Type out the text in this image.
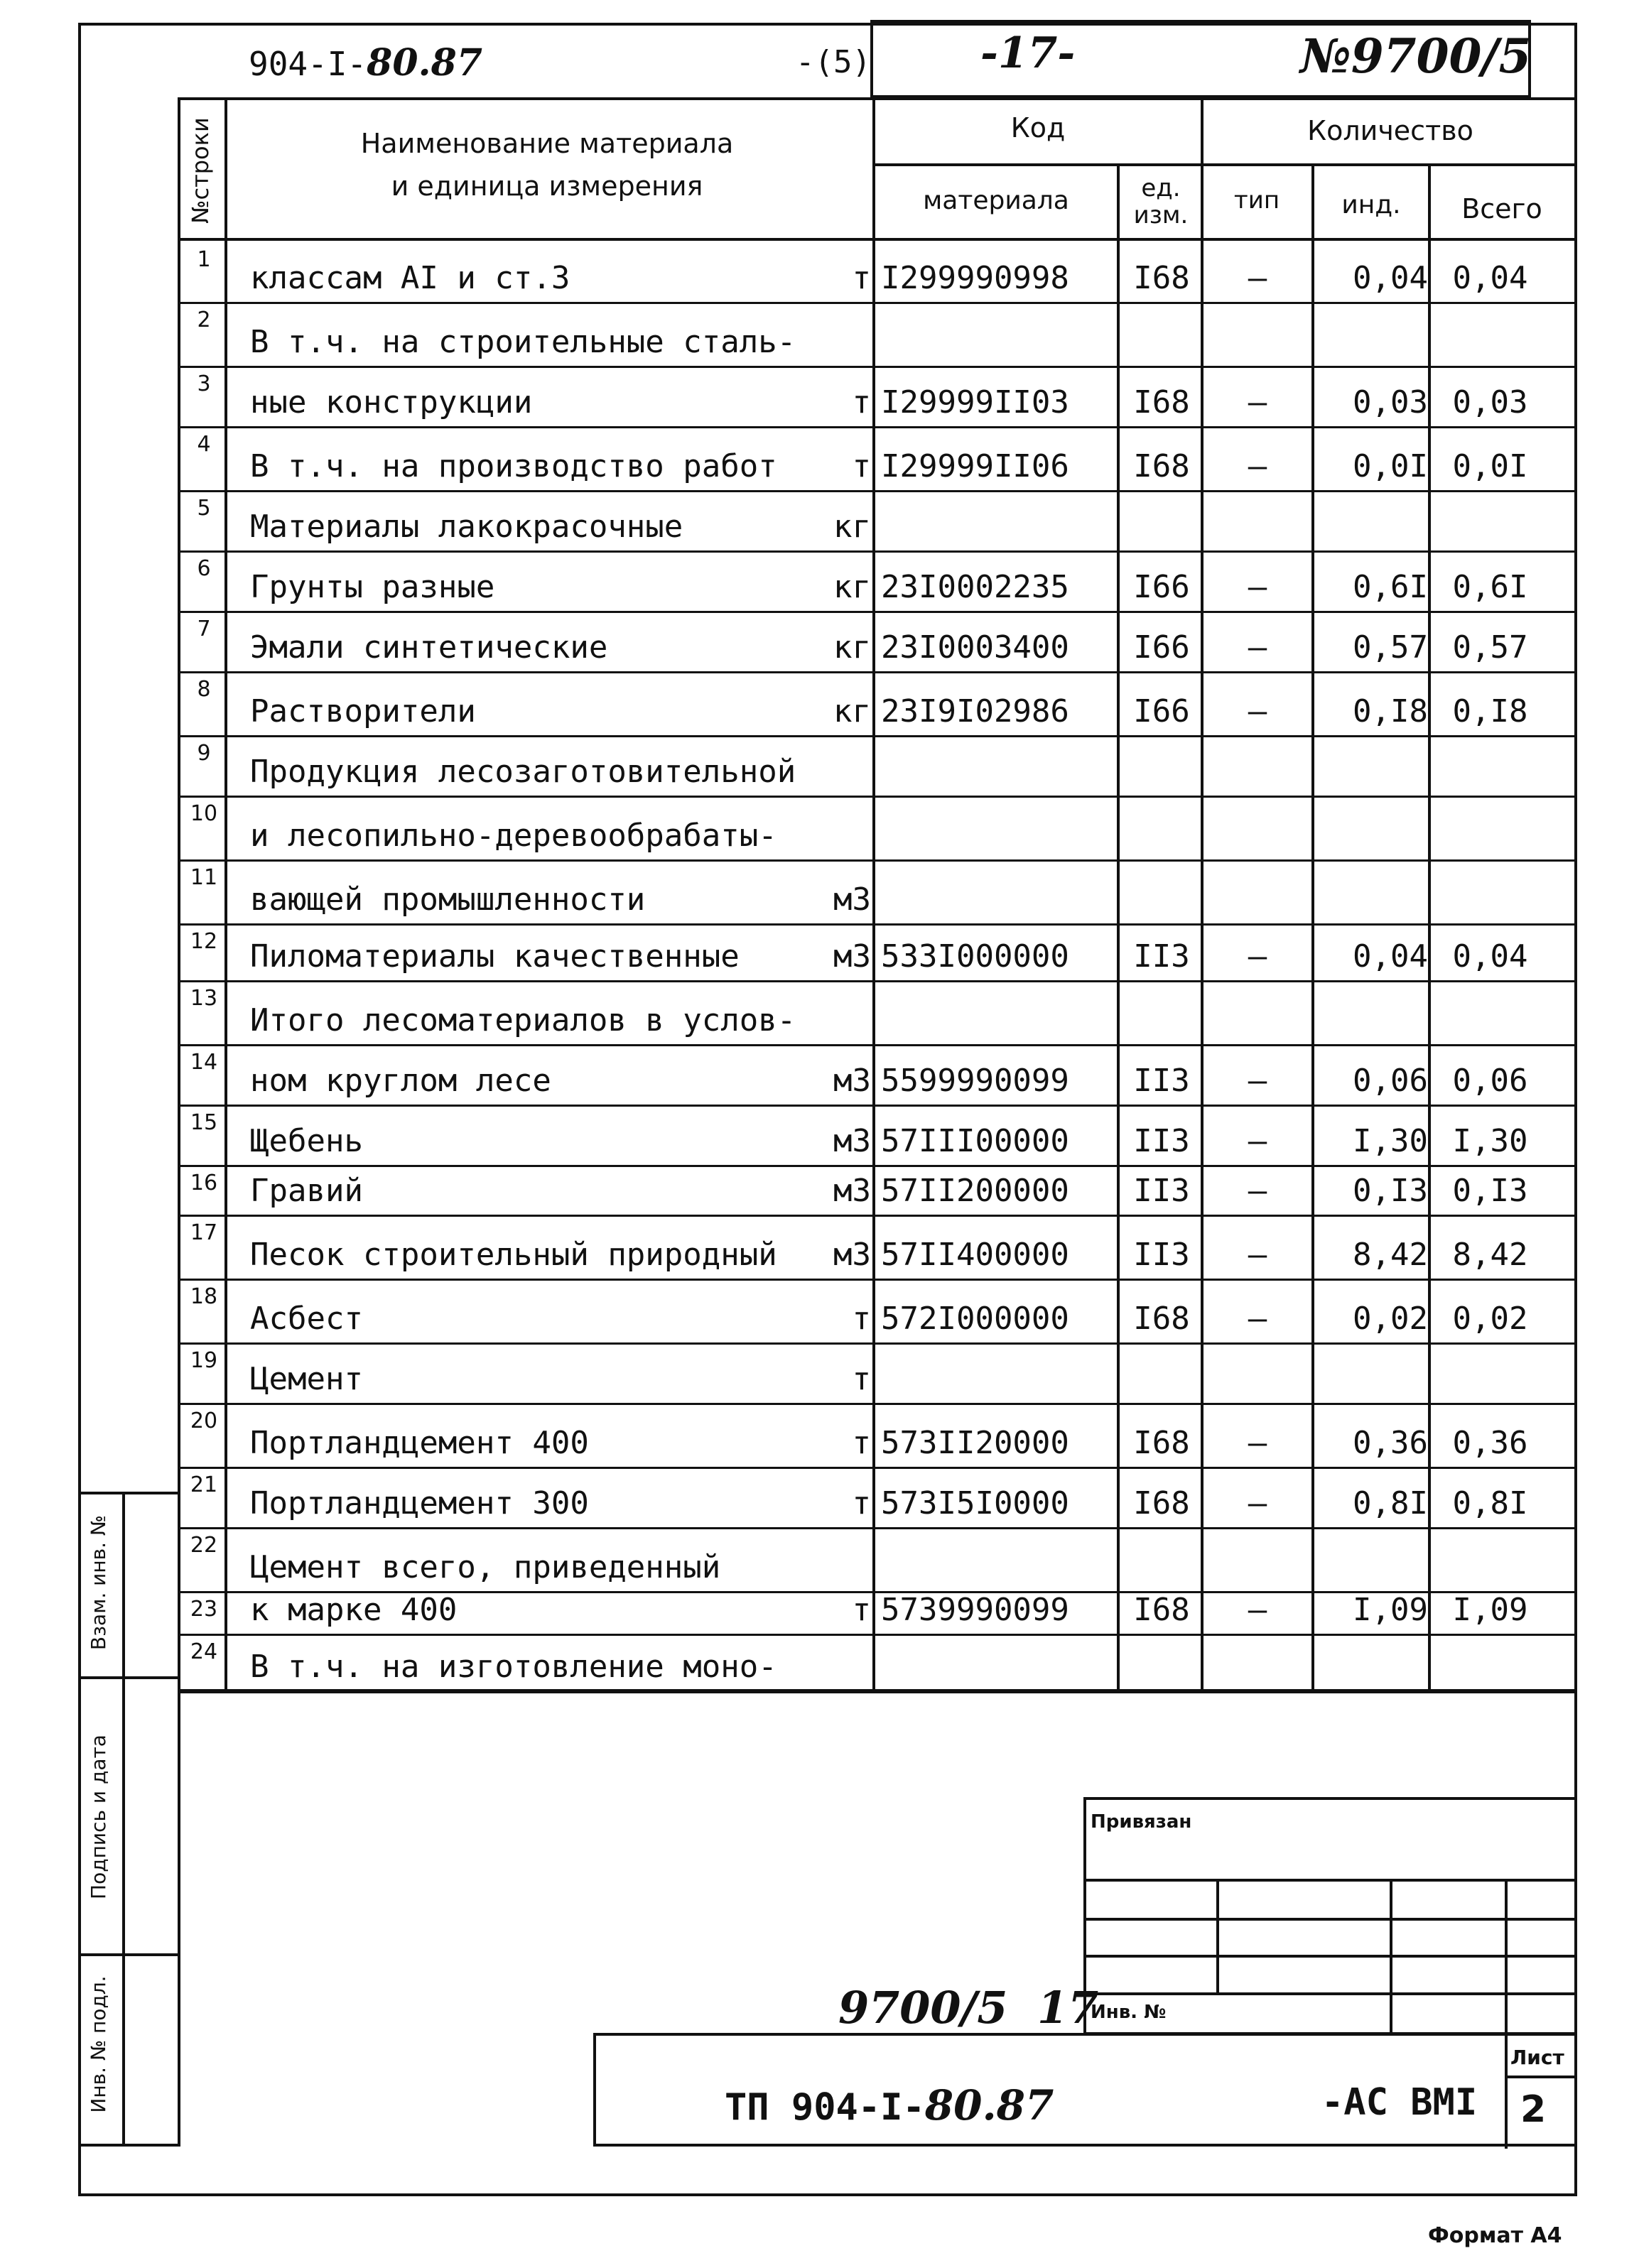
904-I-80.87	-(5)	-17-	№9700/5
№строки	Наименование материала
и единица измерения
Код	Количество
материала	ед. изм.
тип	инд.	Всего
1
классам АI и ст.3	т I299990998	I68	–	0,04 0,04
2
В т.ч. на строительные сталь-
3
ные конструкции	т I29999II03	I68	–	0,03 0,03
4
В т.ч. на производство работ	т I29999II06	I68	–	0,0I 0,0I
5
Материалы лакокрасочные	кг
6
Грунты разные	кг 23I0002235	I66	–	0,6I 0,6I
7
Эмали синтетические	кг 23I0003400	I66	–	0,57 0,57
8
Растворители	кг 23I9I02986	I66	–	0,I8 0,I8
9
Продукция лесозаготовительной
10
и лесопильно-деревообрабаты-
11
вающей промышленности	м3
12 Пиломатериалы качественные	м3 533I000000	II3	–	0,04 0,04
13
Итого лесоматериалов в услов-
14
ном круглом лесе	м3 5599990099	II3	–	0,06 0,06
15
Щебень	м3 57III00000	II3	–	I,30 I,30
16 Гравий	м3 57II200000	II3	–	0,I3 0,I3
17
Песок строительный природный	м3 57II400000	II3	–	8,42 8,42
18
Асбест	т 572I000000	I68	–	0,02 0,02
19
Цемент	т
20
Портландцемент 400	т 573II20000	I68	–	0,36 0,36
21
Портландцемент 300	т 573I5I0000	I68	–	0,8I 0,8I
22
Цемент всего, приведенный
23 к марке 400	т 5739990099	I68	–	I,09 I,09
24 В т.ч. на изготовление моно-
Взам. инв. №
Подпись и дата
Инв. № подл.
Привязан
Инв. №
9700/5 17
Лист
2
ТП 904-I-80.87	-АС ВМI
Формат А4
